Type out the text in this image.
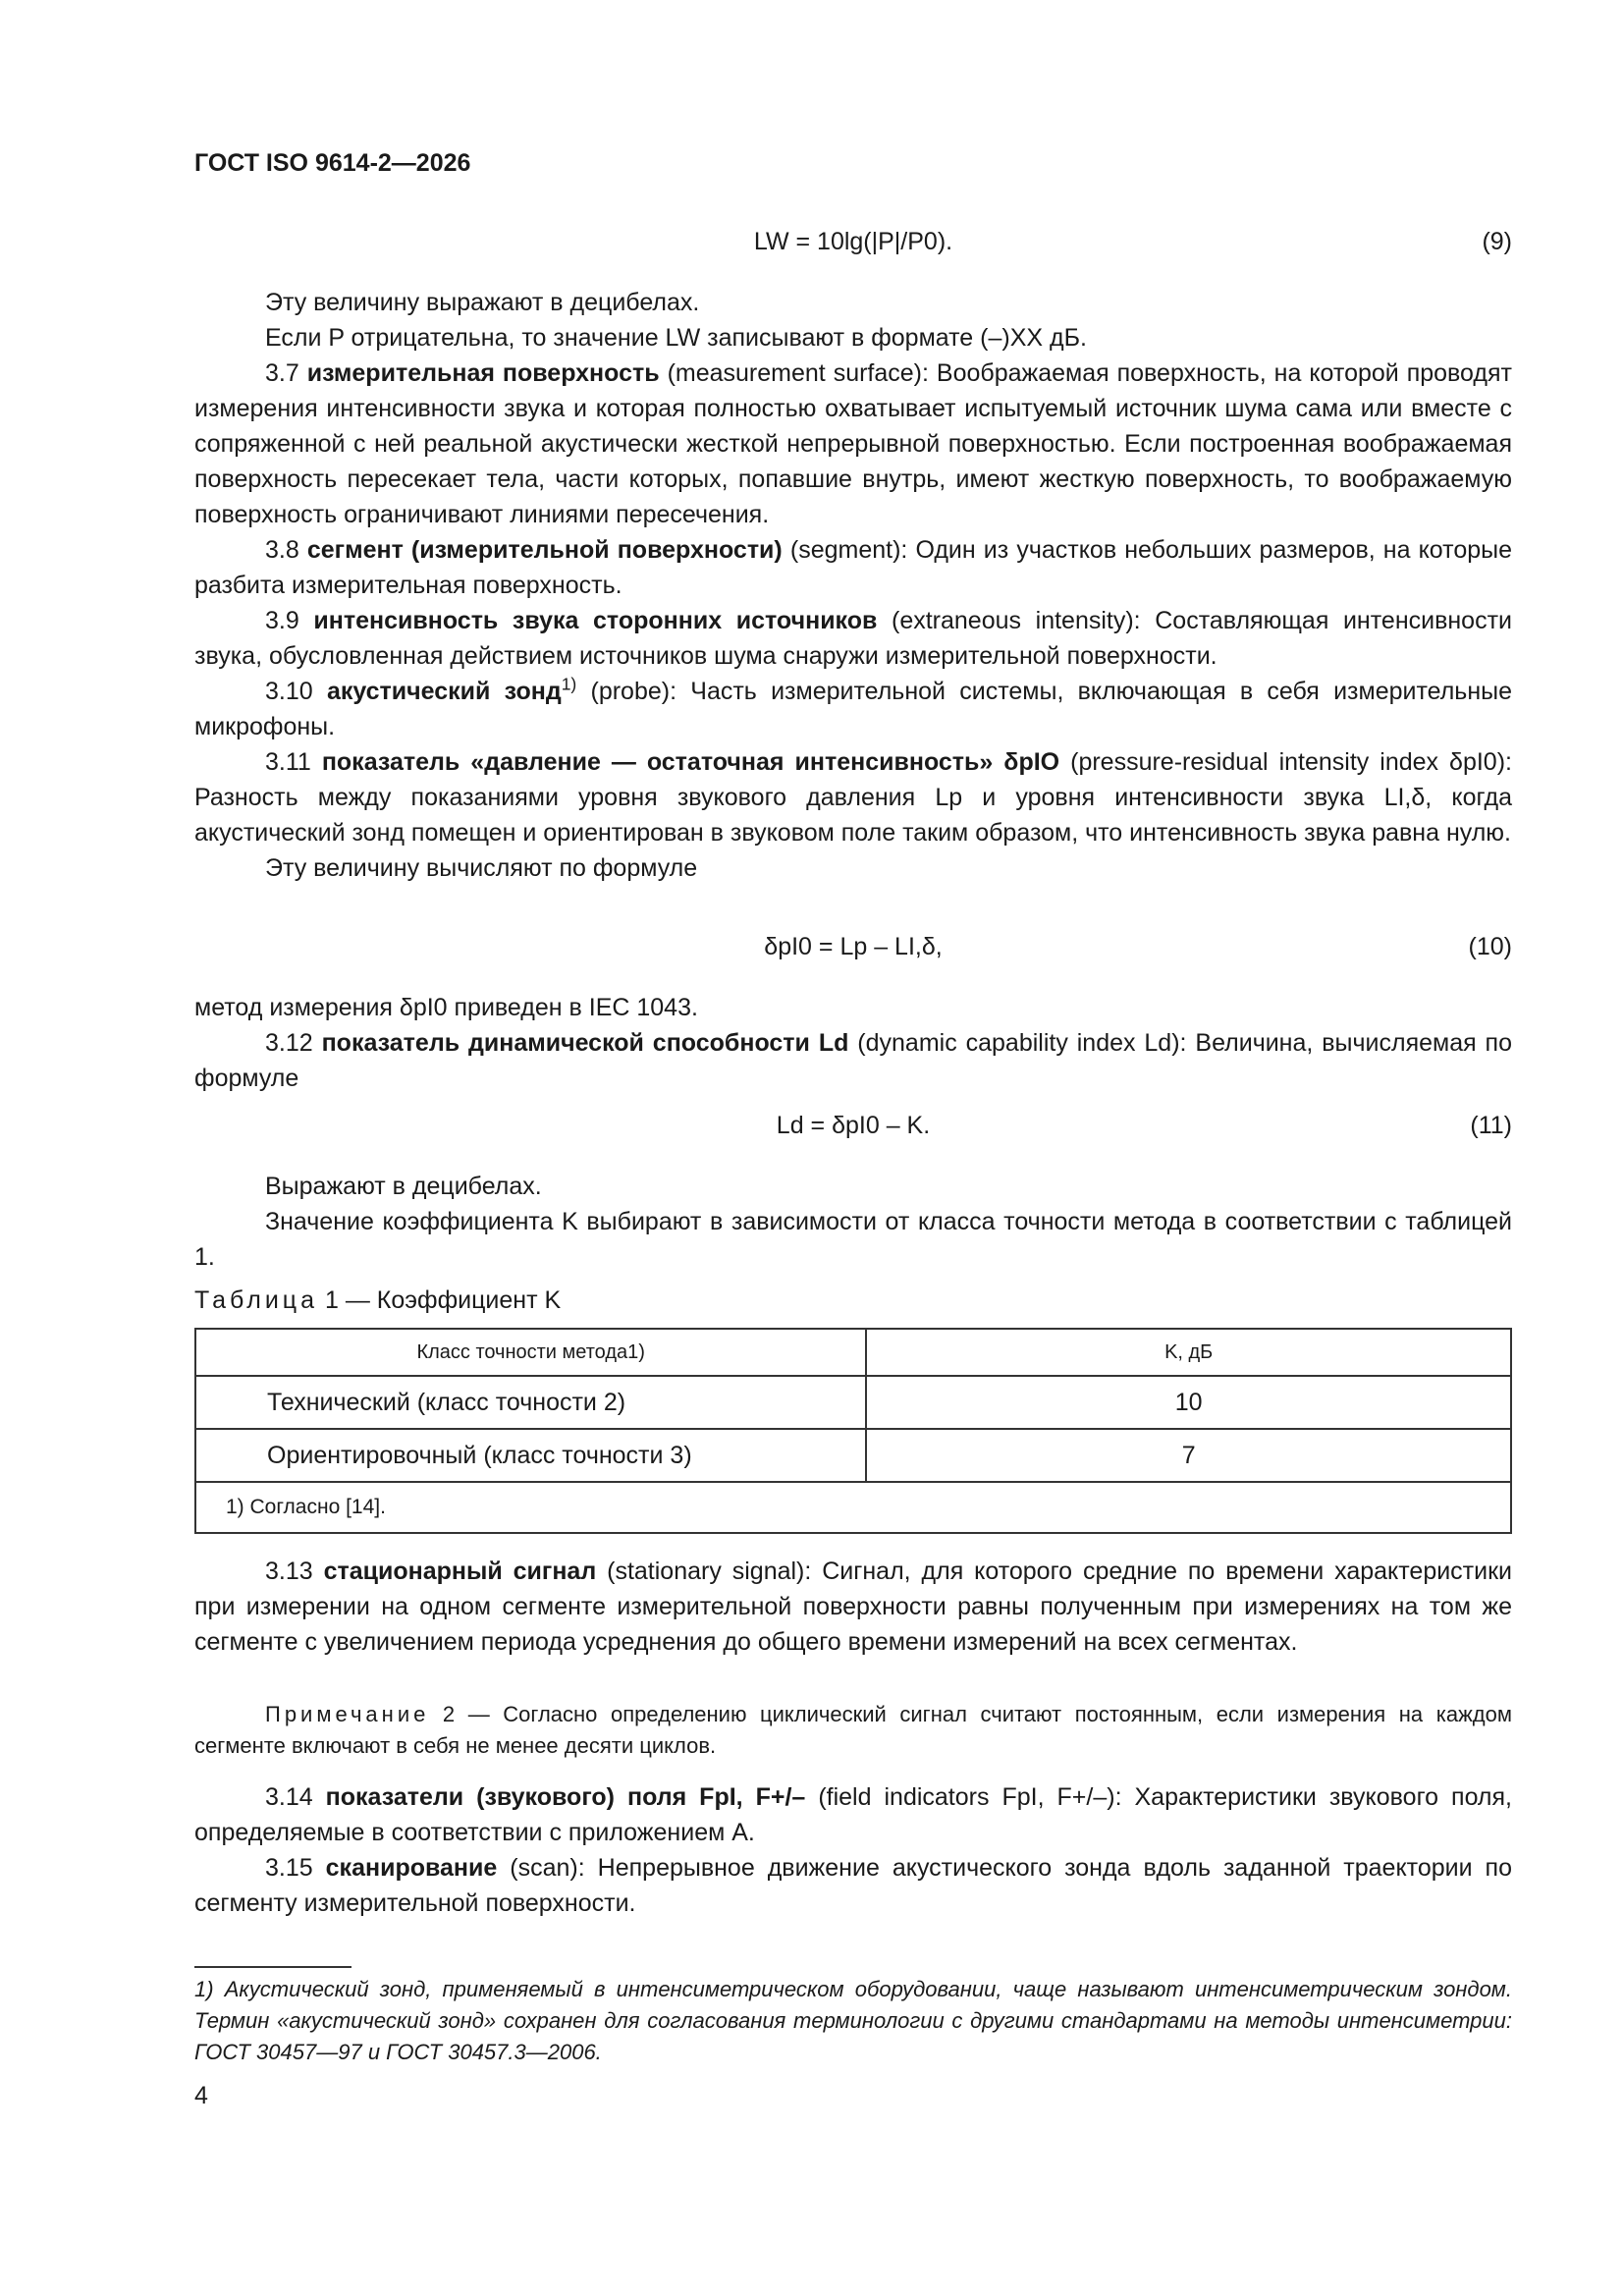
ГОСТ ISO 9614-2—2026
LW = 10lg(|P|/P0).	(9)
Эту величину выражают в децибелах.
Если P отрицательна, то значение LW записывают в формате (–)XX дБ.
3.7 измерительная поверхность (measurement surface): Воображаемая поверхность, на которой проводят измерения интенсивности звука и которая полностью охватывает испытуемый источник шума сама или вместе с сопряженной с ней реальной акустически жесткой непрерывной поверхностью. Если построенная воображаемая поверхность пересекает тела, части которых, попавшие внутрь, имеют жесткую поверхность, то воображаемую поверхность ограничивают линиями пересечения.
3.8 сегмент (измерительной поверхности) (segment): Один из участков небольших размеров, на которые разбита измерительная поверхность.
3.9 интенсивность звука сторонних источников (extraneous intensity): Составляющая интенсивности звука, обусловленная действием источников шума снаружи измерительной поверхности.
3.10 акустический зонд$^{1)}$ (probe): Часть измерительной системы, включающая в себя измерительные микрофоны.
3.11 показатель «давление — остаточная интенсивность» δpIO (pressure-residual intensity index δpI0): Разность между показаниями уровня звукового давления Lp и уровня интенсивности звука LI,δ, когда акустический зонд помещен и ориентирован в звуковом поле таким образом, что интенсивность звука равна нулю.
Эту величину вычисляют по формуле
δpI0 = Lp – LI,δ,	(10)
метод измерения δpI0 приведен в IEC 1043.
3.12 показатель динамической способности Ld (dynamic capability index Ld): Величина, вычисляемая по формуле
Ld = δpI0 – K.	(11)
Выражают в децибелах.
Значение коэффициента K выбирают в зависимости от класса точности метода в соответствии с таблицей 1.
Таблица 1 — Коэффициент K
Класс точности метода1)	K, дБ
Технический (класс точности 2)	10
Ориентировочный (класс точности 3)	7
1) Согласно [14].	
3.13 стационарный сигнал (stationary signal): Сигнал, для которого средние по времени характеристики при измерении на одном сегменте измерительной поверхности равны полученным при измерениях на том же сегменте с увеличением периода усреднения до общего времени измерений на всех сегментах.
Примечание 2 — Согласно определению циклический сигнал считают постоянным, если измерения на каждом сегменте включают в себя не менее десяти циклов.
3.14 показатели (звукового) поля FpI, F+/– (field indicators FpI, F+/–): Характеристики звукового поля, определяемые в соответствии с приложением А.
3.15 сканирование (scan): Непрерывное движение акустического зонда вдоль заданной траектории по сегменту измерительной поверхности.
1) Акустический зонд, применяемый в интенсиметрическом оборудовании, чаще называют интенсиметрическим зондом. Термин «акустический зонд» сохранен для согласования терминологии с другими стандартами на методы интенсиметрии: ГОСТ 30457—97 и ГОСТ 30457.3—2006.
4
